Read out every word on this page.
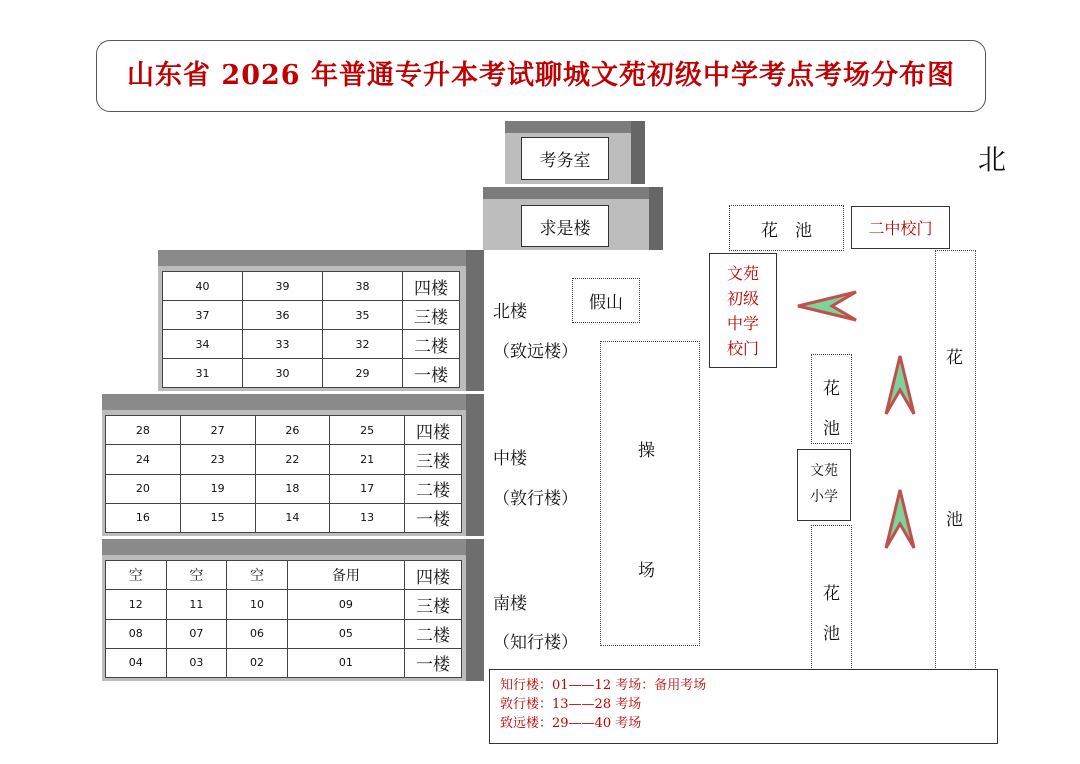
山东省 2026 年普通专升本考试聊城文苑初级中学考点考场分布图
北
考务室
求是楼
40	39	38	四楼
37	36	35	三楼
34	33	32	二楼
31	30	29	一楼
28	27	26	25	四楼
24	23	22	21	三楼
20	19	18	17	二楼
16	15	14	13	一楼
空	空	空	备用	四楼
12	11	10	09	三楼
08	07	06	05	二楼
04	03	02	01	一楼
北楼
（致远楼）
中楼
（敦行楼）
南楼
（知行楼）
假山
操
场
花　池	二中校门
文苑
初级
中学
校门
花
池
文苑
小学
花
池
花
池
知行楼：01——12 考场：备用考场
敦行楼：13——28 考场
致远楼：29——40 考场
